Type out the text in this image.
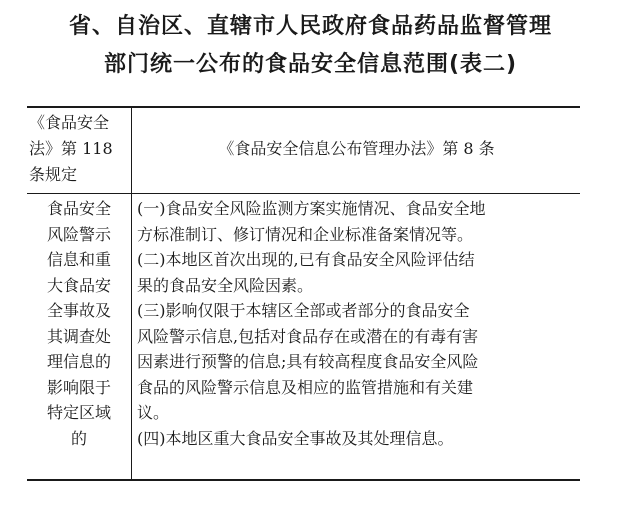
省、自治区、直辖市人民政府食品药品监督管理
部门统一公布的食品安全信息范围(表二)
《食品安全
法》第 118
条规定
《食品安全信息公布管理办法》第 8 条
食品安全
风险警示
信息和重
大食品安
全事故及
其调查处
理信息的
影响限于
特定区域
的
(一)食品安全风险监测方案实施情况、食品安全地
方标准制订、修订情况和企业标准备案情况等。
(二)本地区首次出现的,已有食品安全风险评估结
果的食品安全风险因素。
(三)影响仅限于本辖区全部或者部分的食品安全
风险警示信息,包括对食品存在或潜在的有毒有害
因素进行预警的信息;具有较高程度食品安全风险
食品的风险警示信息及相应的监管措施和有关建
议。
(四)本地区重大食品安全事故及其处理信息。
